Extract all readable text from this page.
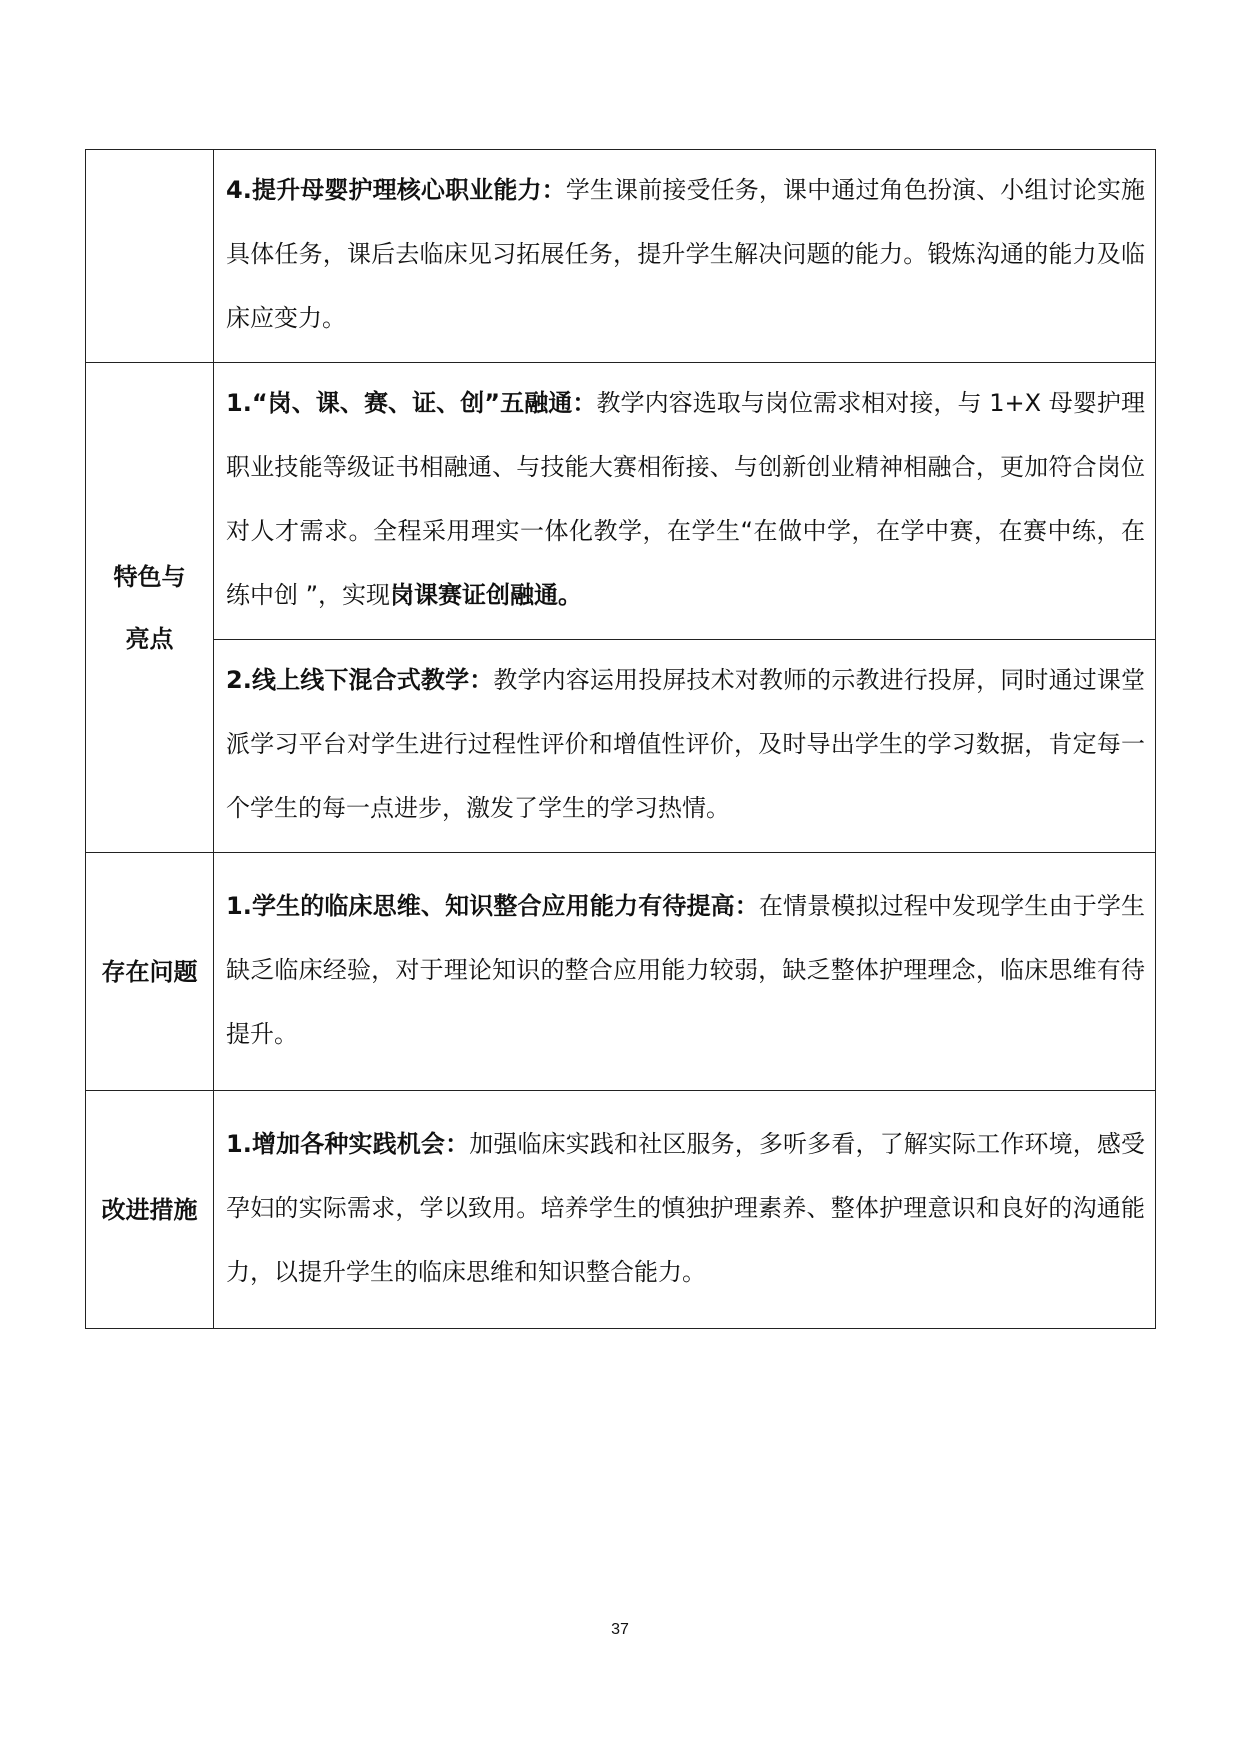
	4.提升母婴护理核心职业能力：学生课前接受任务，课中通过角色扮演、小组讨论实施具体任务，课后去临床见习拓展任务，提升学生解决问题的能力。锻炼沟通的能力及临床应变力。

特色与
亮点	1.“岗、课、赛、证、创”五融通：教学内容选取与岗位需求相对接，与 1+X 母婴护理职业技能等级证书相融通、与技能大赛相衔接、与创新创业精神相融合，更加符合岗位对人才需求。全程采用理实一体化教学，在学生“在做中学，在学中赛，在赛中练，在练中创 ”，实现岗课赛证创融通。
	2.线上线下混合式教学：教学内容运用投屏技术对教师的示教进行投屏，同时通过课堂派学习平台对学生进行过程性评价和增值性评价，及时导出学生的学习数据，肯定每一个学生的每一点进步，激发了学生的学习热情。
存在问题	1.学生的临床思维、知识整合应用能力有待提高：在情景模拟过程中发现学生由于学生缺乏临床经验，对于理论知识的整合应用能力较弱，缺乏整体护理理念，临床思维有待提升。
改进措施	1.增加各种实践机会：加强临床实践和社区服务，多听多看，了解实际工作环境，感受孕妇的实际需求，学以致用。培养学生的慎独护理素养、整体护理意识和良好的沟通能力，以提升学生的临床思维和知识整合能力。
37
